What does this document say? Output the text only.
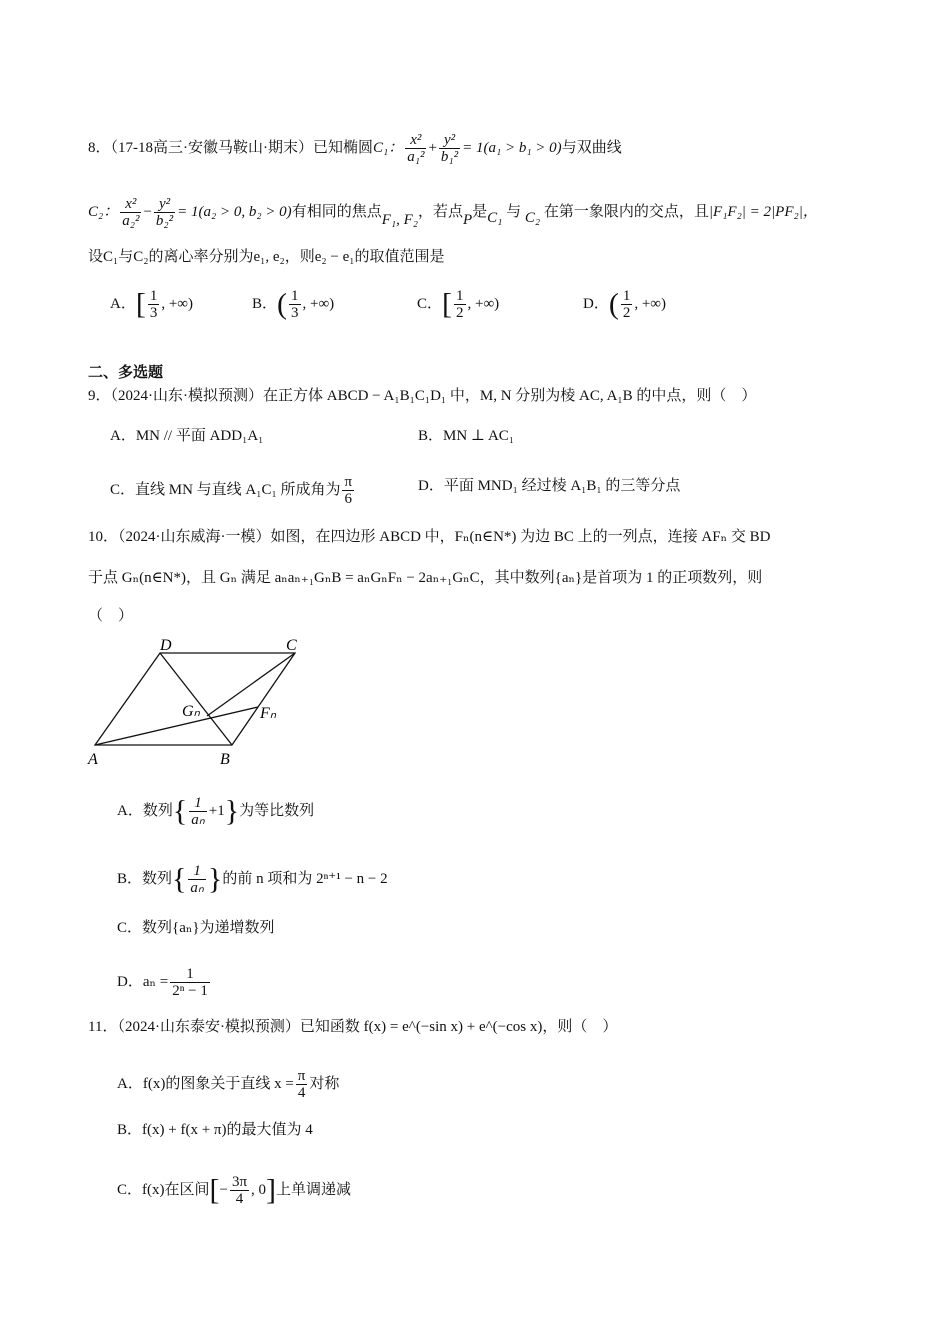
8．（17-18高三·安徽马鞍山·期末）已知椭圆C₁： $\frac{\text{x²}}{\text{a₁²}} + \frac{\text{y²}}{\text{b₁²}} = 1(a_1 > b_1 > 0)$与双曲线
C₂： $\frac{\text{x²}}{\text{a₂²}} - \frac{\text{y²}}{\text{b₂²}} = 1(a_2 > 0$, b₂ > 0)有相同的焦点F₁, F₂，若点P是C₁ 与 C₂ 在第一象限内的交点，且|F₁F₂| = 2|PF₂|，
设C₁与C₂的离心率分别为e₁, e₂，则e₂ − e₁的取值范围是
A．[ $\frac{1}{3}$ , +∞)	B．( $\frac{1}{3}$ , +∞)	C．[ $\frac{1}{2}$ , +∞)	D．( $\frac{1}{2}$ , +∞)
二、多选题
9．（2024·山东·模拟预测）在正方体 ABCD − A₁B₁C₁D₁ 中，M, N 分别为棱 AC, A₁B 的中点，则（　）
A．MN // 平面 ADD₁A₁	B．MN ⊥ AC₁
C．直线 MN 与直线 A₁C₁ 所成角为 $\frac{\pi}{6}$	D．平面 MND₁ 经过棱 A₁B₁ 的三等分点
10．（2024·山东威海·一模）如图，在四边形 ABCD 中，Fₙ(n∈N*) 为边 BC 上的一列点，连接 AFₙ 交 BD
于点 Gₙ(n∈N*)，且 Gₙ 满足 aₙaₙ₊₁GₙB = aₙGₙFₙ − 2aₙ₊₁GₙC，其中数列{aₙ}是首项为 1 的正项数列，则
（　）
D	C
A	B
Gₙ	Fₙ
A．数列{ $\frac{1}{\text{aₙ}} +1$}为等比数列
B．数列{ $\frac{1}{\text{aₙ}}$ }的前 n 项和为 2ⁿ⁺¹ − n − 2
C．数列{aₙ}为递增数列
D．$a_n = \frac{1}{\text{2ⁿ − 1}}$
11．（2024·山东泰安·模拟预测）已知函数 f(x) = e^(−sin x) + e^(−cos x)，则（　）
A．f(x)的图象关于直线 $x = \frac{\pi}{4}$ 对称
B．f(x) + f(x + π)的最大值为 4
C．f(x)在区间[− $\frac{3\pi}{4}$ , 0]上单调递减
